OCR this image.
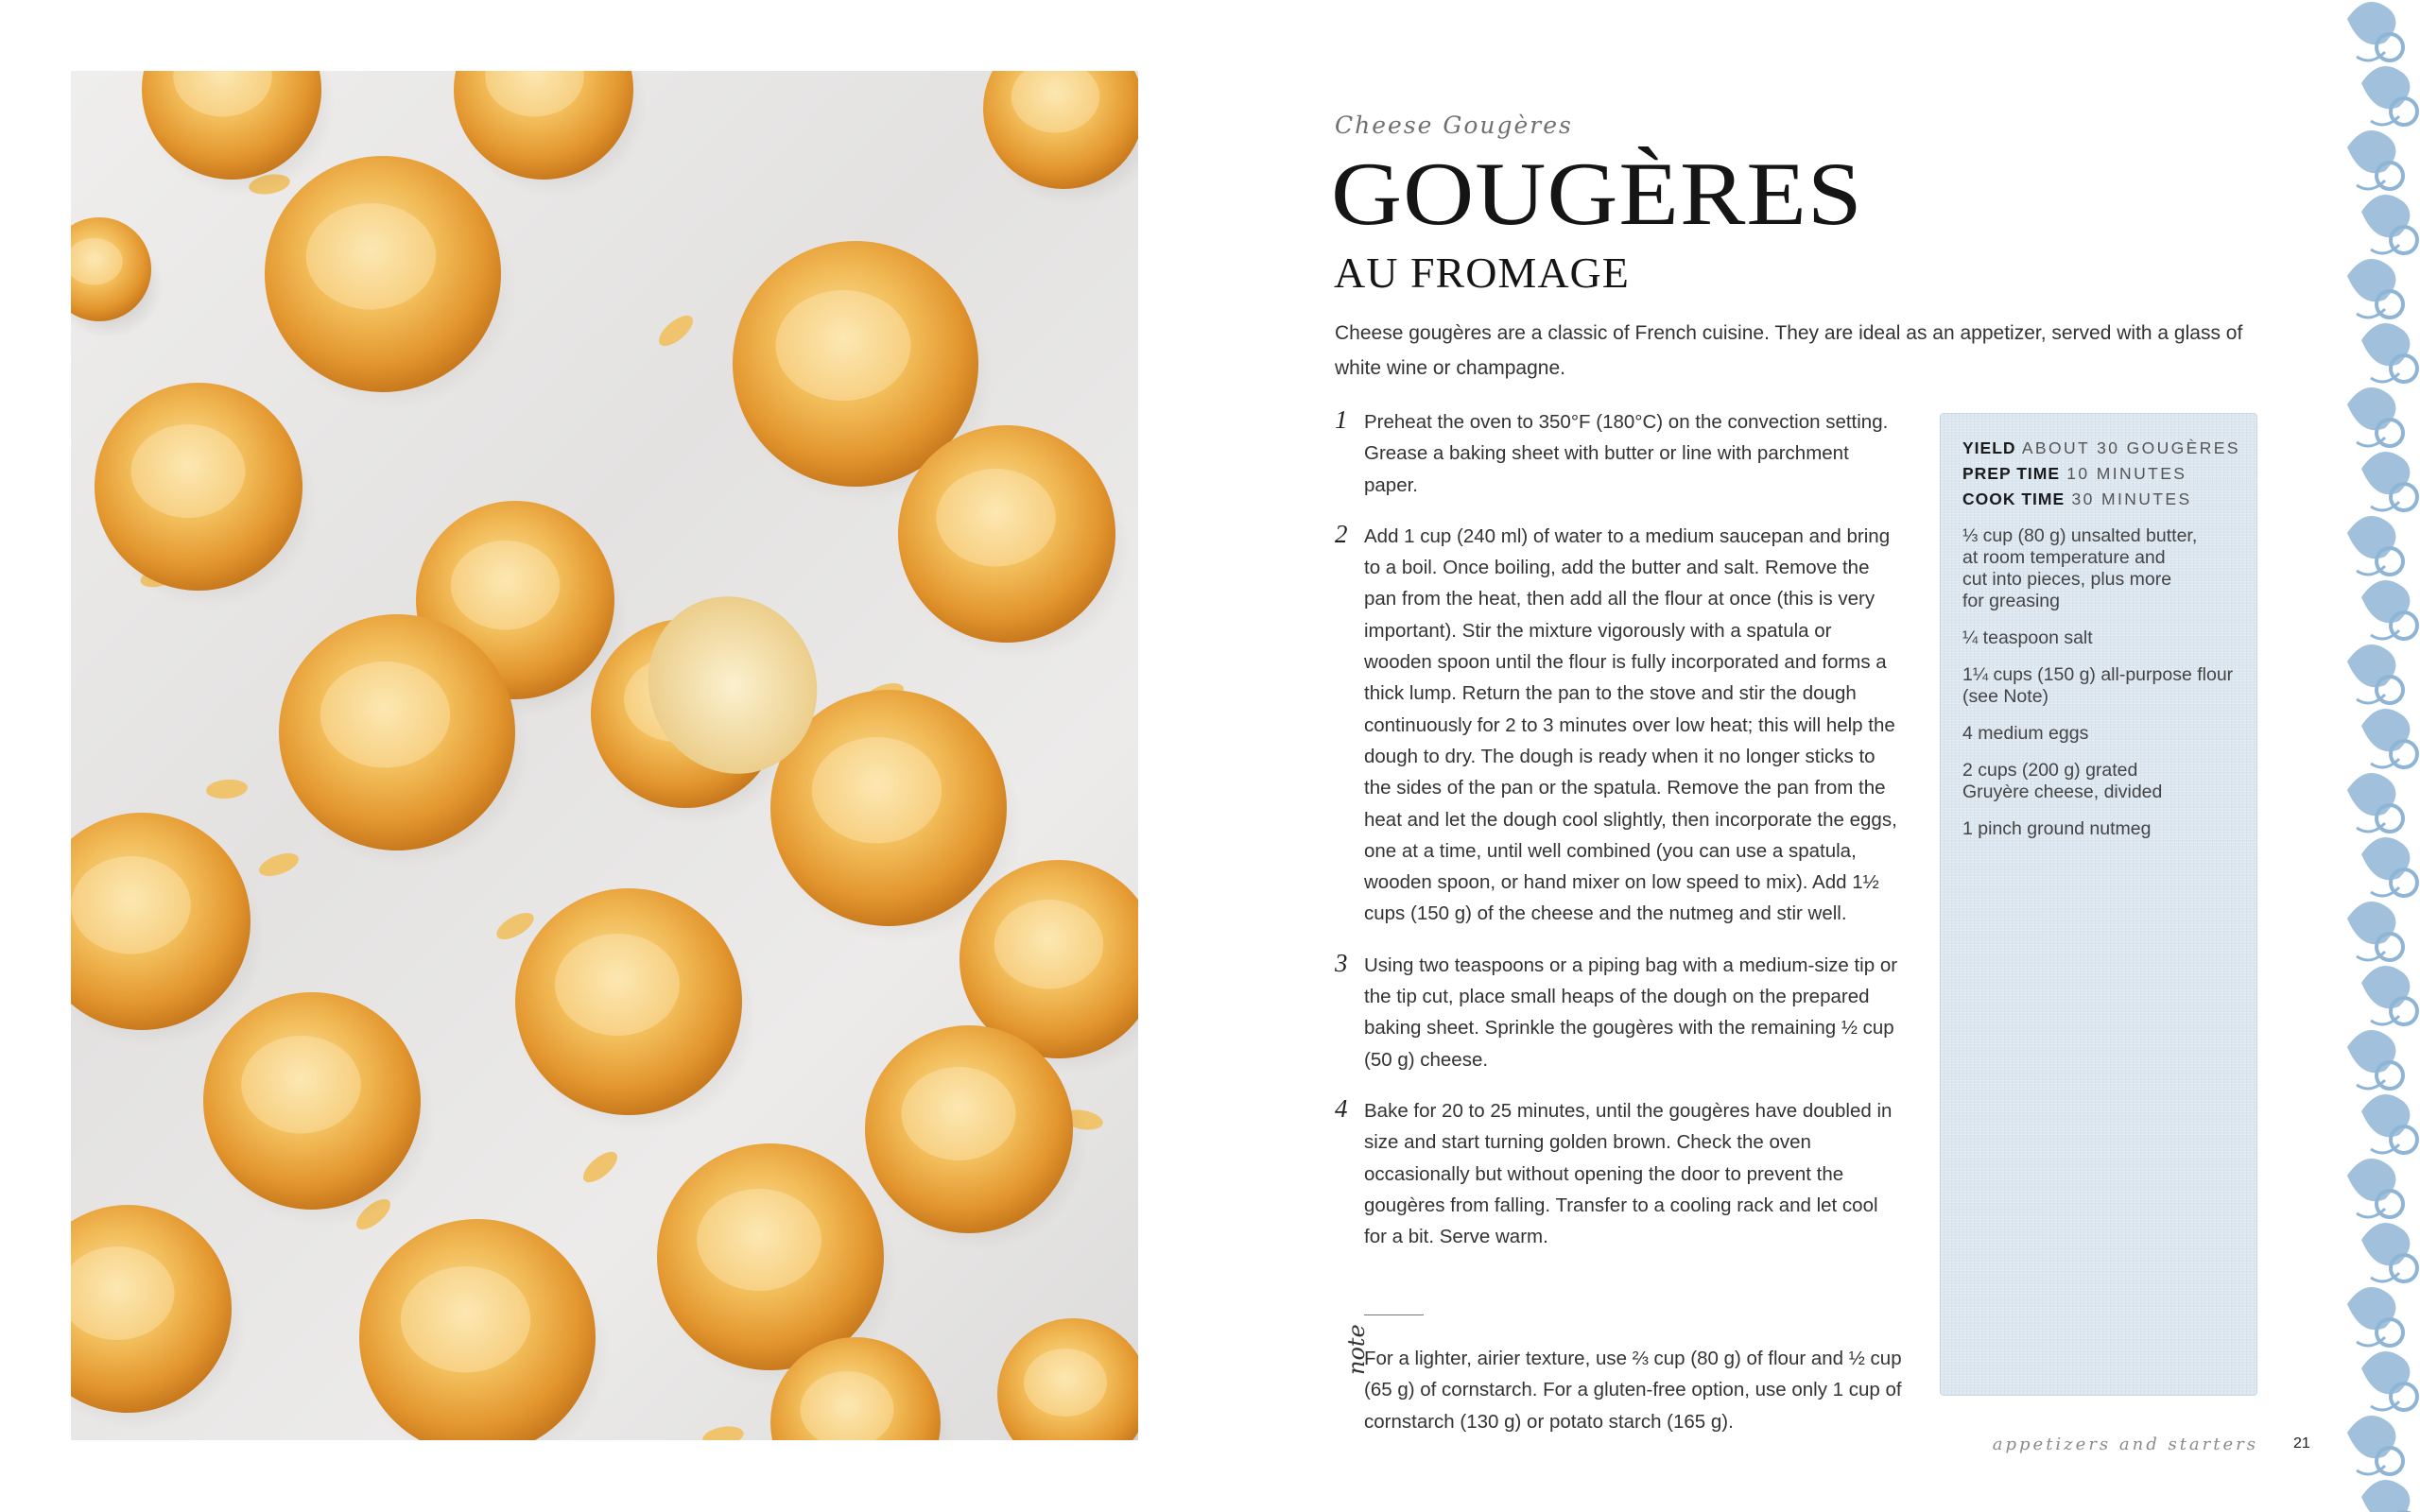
Cheese Gougères
GOUGÈRES
AU FROMAGE
Cheese gougères are a classic of French cuisine. They are ideal as an appetizer, served with a glass of white wine or champagne.
1 Preheat the oven to 350°F (180°C) on the convection setting. Grease a baking sheet with butter or line with parchment paper.
2 Add 1 cup (240 ml) of water to a medium saucepan and bring to a boil. Once boiling, add the butter and salt. Remove the pan from the heat, then add all the flour at once (this is very important). Stir the mixture vigorously with a spatula or wooden spoon until the flour is fully incorporated and forms a thick lump. Return the pan to the stove and stir the dough continuously for 2 to 3 minutes over low heat; this will help the dough to dry. The dough is ready when it no longer sticks to the sides of the pan or the spatula. Remove the pan from the heat and let the dough cool slightly, then incorporate the eggs, one at a time, until well combined (you can use a spatula, wooden spoon, or hand mixer on low speed to mix). Add 1½ cups (150 g) of the cheese and the nutmeg and stir well.
3 Using two teaspoons or a piping bag with a medium-size tip or the tip cut, place small heaps of the dough on the prepared baking sheet. Sprinkle the gougères with the remaining ½ cup (50 g) cheese.
4 Bake for 20 to 25 minutes, until the gougères have doubled in size and start turning golden brown. Check the oven occasionally but without opening the door to prevent the gougères from falling. Transfer to a cooling rack and let cool for a bit. Serve warm.
note
For a lighter, airier texture, use ⅔ cup (80 g) of flour and ½ cup (65 g) of cornstarch. For a gluten-free option, use only 1 cup of cornstarch (130 g) or potato starch (165 g).
YIELD ABOUT 30 GOUGÈRES
PREP TIME 10 MINUTES
COOK TIME 30 MINUTES
⅓ cup (80 g) unsalted butter,
at room temperature and
cut into pieces, plus more
for greasing
¼ teaspoon salt
1¼ cups (150 g) all-purpose flour
(see Note)
4 medium eggs
2 cups (200 g) grated
Gruyère cheese, divided
1 pinch ground nutmeg
appetizers and starters 21
